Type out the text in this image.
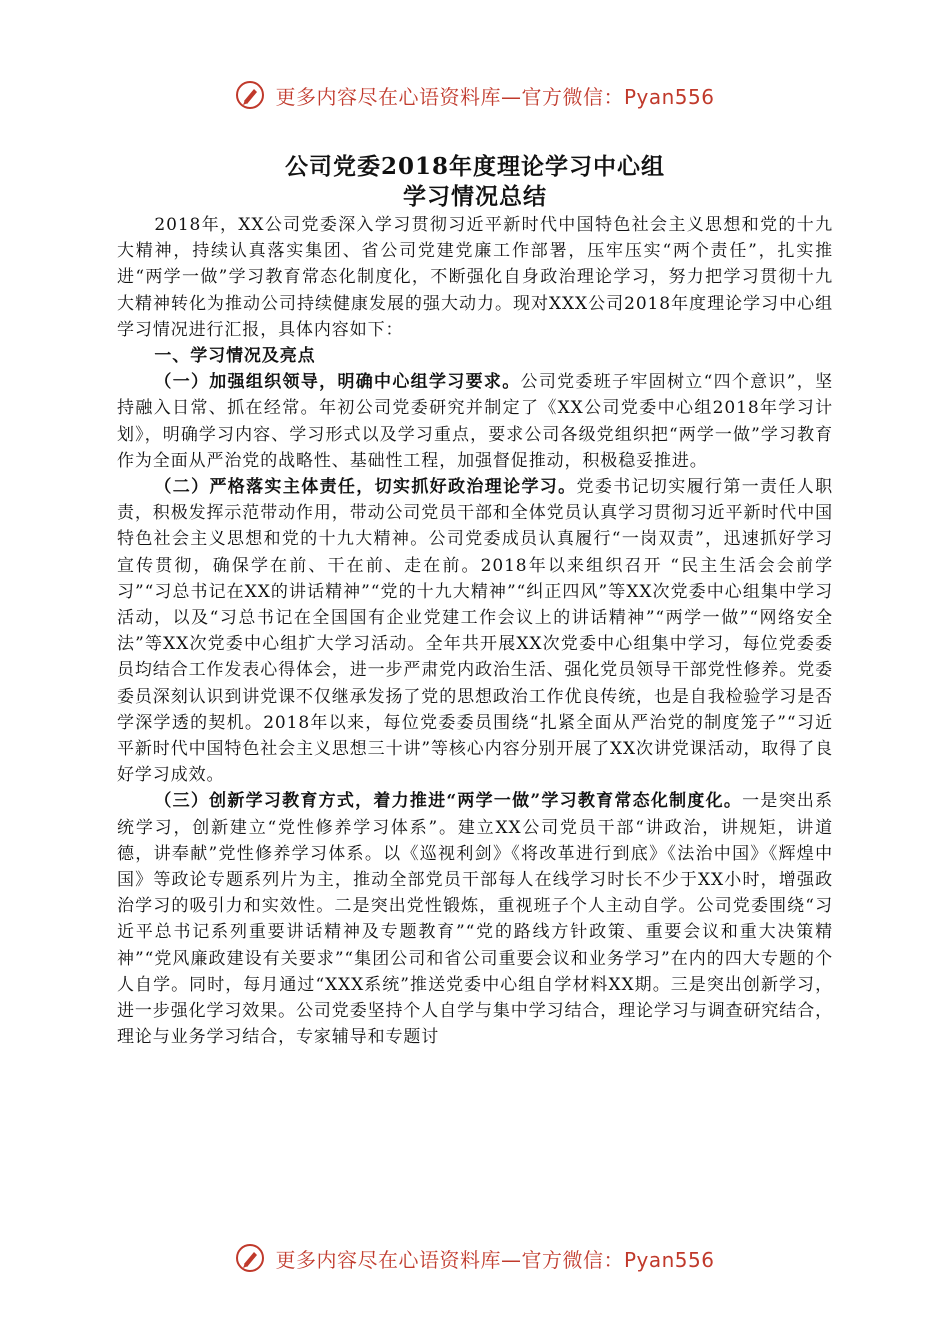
更多内容尽在心语资料库—官方微信：Pyan556
公司党委2018年度理论学习中心组
学习情况总结

2018年，XX公司党委深入学习贯彻习近平新时代中国特色社会主义思想和党的十九大精神，持续认真落实集团、省公司党建党廉工作部署，压牢压实“两个责任”，扎实推进“两学一做”学习教育常态化制度化，不断强化自身政治理论学习，努力把学习贯彻十九大精神转化为推动公司持续健康发展的强大动力。现对XXX公司2018年度理论学习中心组学习情况进行汇报，具体内容如下：

一、学习情况及亮点

（一）加强组织领导，明确中心组学习要求。公司党委班子牢固树立“四个意识”，坚持融入日常、抓在经常。年初公司党委研究并制定了《XX公司党委中心组2018年学习计划》，明确学习内容、学习形式以及学习重点，要求公司各级党组织把“两学一做”学习教育作为全面从严治党的战略性、基础性工程，加强督促推动，积极稳妥推进。

（二）严格落实主体责任，切实抓好政治理论学习。党委书记切实履行第一责任人职责，积极发挥示范带动作用，带动公司党员干部和全体党员认真学习贯彻习近平新时代中国特色社会主义思想和党的十九大精神。公司党委成员认真履行“一岗双责”，迅速抓好学习宣传贯彻，确保学在前、干在前、走在前。2018年以来组织召开 “民主生活会会前学习”“习总书记在XX的讲话精神”“党的十九大精神”“纠正四风”等XX次党委中心组集中学习活动，以及“习总书记在全国国有企业党建工作会议上的讲话精神”“两学一做”“网络安全法”等XX次党委中心组扩大学习活动。全年共开展XX次党委中心组集中学习，每位党委委员均结合工作发表心得体会，进一步严肃党内政治生活、强化党员领导干部党性修养。党委委员深刻认识到讲党课不仅继承发扬了党的思想政治工作优良传统，也是自我检验学习是否学深学透的契机。2018年以来，每位党委委员围绕“扎紧全面从严治党的制度笼子”“习近平新时代中国特色社会主义思想三十讲”等核心内容分别开展了XX次讲党课活动，取得了良好学习成效。

（三）创新学习教育方式，着力推进“两学一做”学习教育常态化制度化。一是突出系统学习，创新建立“党性修养学习体系”。建立XX公司党员干部“讲政治，讲规矩，讲道德，讲奉献”党性修养学习体系。以《巡视利剑》《将改革进行到底》《法治中国》《辉煌中国》等政论专题系列片为主，推动全部党员干部每人在线学习时长不少于XX小时，增强政治学习的吸引力和实效性。二是突出党性锻炼，重视班子个人主动自学。公司党委围绕“习近平总书记系列重要讲话精神及专题教育”“党的路线方针政策、重要会议和重大决策精神”“党风廉政建设有关要求”“集团公司和省公司重要会议和业务学习”在内的四大专题的个人自学。同时，每月通过“XXX系统”推送党委中心组自学材料XX期。三是突出创新学习，进一步强化学习效果。公司党委坚持个人自学与集中学习结合，理论学习与调查研究结合，理论与业务学习结合，专家辅导和专题讨

更多内容尽在心语资料库—官方微信：Pyan556
